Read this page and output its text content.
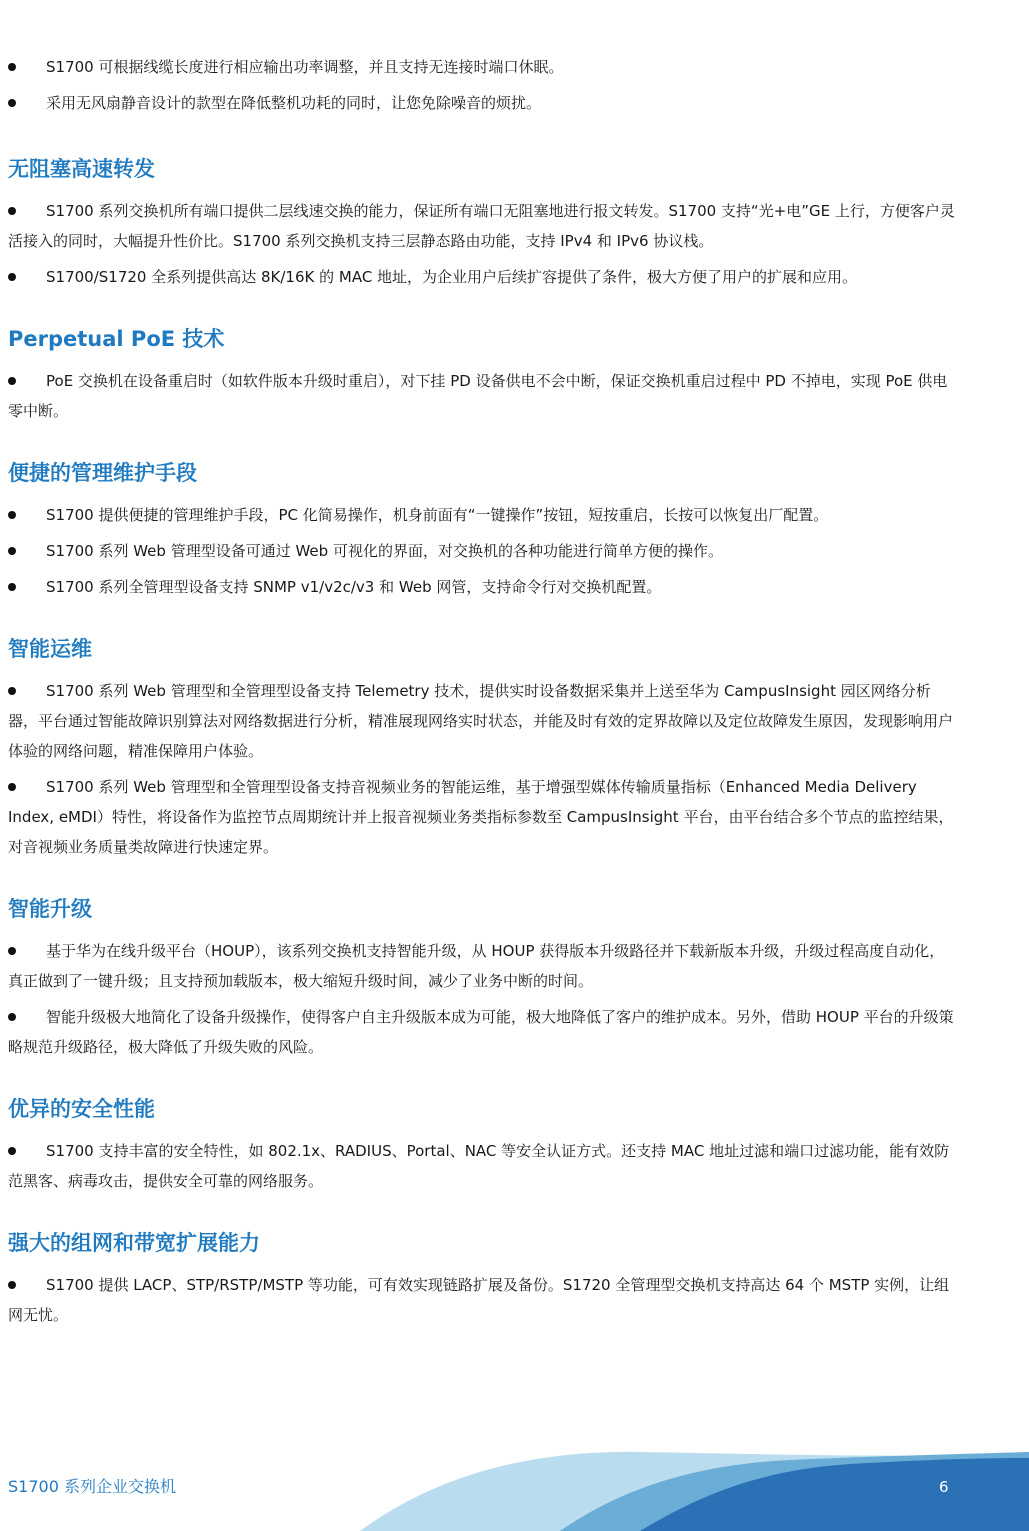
S1700 可根据线缆长度进行相应输出功率调整，并且支持无连接时端口休眠。
采用无风扇静音设计的款型在降低整机功耗的同时，让您免除噪音的烦扰。
无阻塞高速转发
S1700 系列交换机所有端口提供二层线速交换的能力，保证所有端口无阻塞地进行报文转发。S1700 支持“光+电”GE 上行，方便客户灵活接入的同时，大幅提升性价比。S1700 系列交换机支持三层静态路由功能，支持 IPv4 和 IPv6 协议栈。
S1700/S1720 全系列提供高达 8K/16K 的 MAC 地址，为企业用户后续扩容提供了条件，极大方便了用户的扩展和应用。
Perpetual PoE 技术
PoE 交换机在设备重启时（如软件版本升级时重启），对下挂 PD 设备供电不会中断，保证交换机重启过程中 PD 不掉电，实现 PoE 供电零中断。
便捷的管理维护手段
S1700 提供便捷的管理维护手段，PC 化简易操作，机身前面有“一键操作”按钮，短按重启，长按可以恢复出厂配置。
S1700 系列 Web 管理型设备可通过 Web 可视化的界面，对交换机的各种功能进行简单方便的操作。
S1700 系列全管理型设备支持 SNMP v1/v2c/v3 和 Web 网管，支持命令行对交换机配置。
智能运维
S1700 系列 Web 管理型和全管理型设备支持 Telemetry 技术，提供实时设备数据采集并上送至华为 CampusInsight 园区网络分析器，平台通过智能故障识别算法对网络数据进行分析，精准展现网络实时状态，并能及时有效的定界故障以及定位故障发生原因，发现影响用户体验的网络问题，精准保障用户体验。
S1700 系列 Web 管理型和全管理型设备支持音视频业务的智能运维，基于增强型媒体传输质量指标（Enhanced Media Delivery Index, eMDI）特性，将设备作为监控节点周期统计并上报音视频业务类指标参数至 CampusInsight 平台，由平台结合多个节点的监控结果，对音视频业务质量类故障进行快速定界。
智能升级
基于华为在线升级平台（HOUP），该系列交换机支持智能升级，从 HOUP 获得版本升级路径并下载新版本升级，升级过程高度自动化，真正做到了一键升级；且支持预加载版本，极大缩短升级时间，减少了业务中断的时间。
智能升级极大地简化了设备升级操作，使得客户自主升级版本成为可能，极大地降低了客户的维护成本。另外，借助 HOUP 平台的升级策略规范升级路径，极大降低了升级失败的风险。
优异的安全性能
S1700 支持丰富的安全特性，如 802.1x、RADIUS、Portal、NAC 等安全认证方式。还支持 MAC 地址过滤和端口过滤功能，能有效防范黑客、病毒攻击，提供安全可靠的网络服务。
强大的组网和带宽扩展能力
S1700 提供 LACP、STP/RSTP/MSTP 等功能，可有效实现链路扩展及备份。S1720 全管理型交换机支持高达 64 个 MSTP 实例，让组网无忧。
S1700 系列企业交换机	6
